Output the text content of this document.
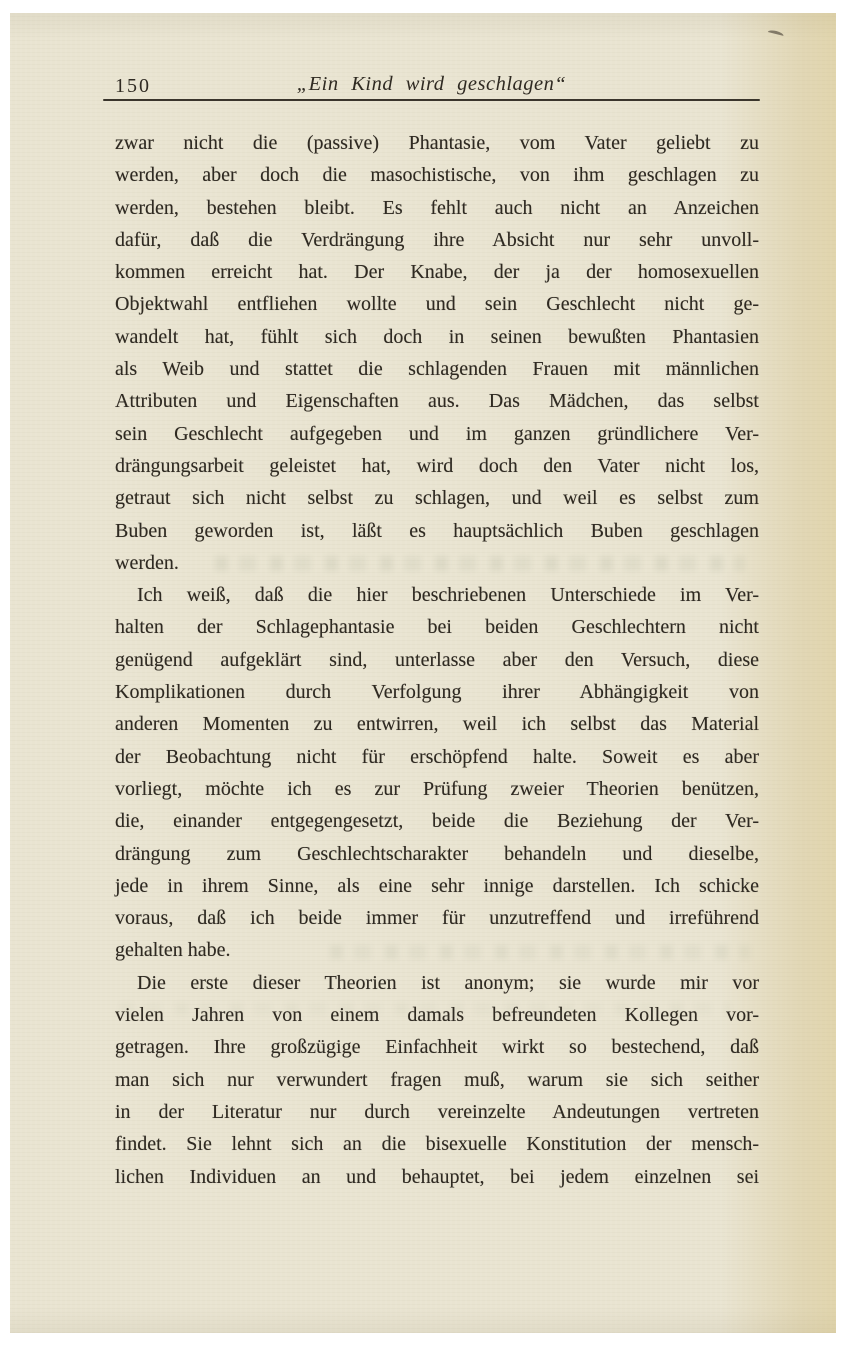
150	„Ein Kind wird geschlagen“
zwar nicht die (passive) Phantasie, vom Vater geliebt zu
werden, aber doch die masochistische, von ihm geschlagen zu
werden, bestehen bleibt. Es fehlt auch nicht an Anzeichen
dafür, daß die Verdrängung ihre Absicht nur sehr unvoll-
kommen erreicht hat. Der Knabe, der ja der homosexuellen
Objektwahl entfliehen wollte und sein Geschlecht nicht ge-
wandelt hat, fühlt sich doch in seinen bewußten Phantasien
als Weib und stattet die schlagenden Frauen mit männlichen
Attributen und Eigenschaften aus. Das Mädchen, das selbst
sein Geschlecht aufgegeben und im ganzen gründlichere Ver-
drängungsarbeit geleistet hat, wird doch den Vater nicht los,
getraut sich nicht selbst zu schlagen, und weil es selbst zum
Buben geworden ist, läßt es hauptsächlich Buben geschlagen
werden.
Ich weiß, daß die hier beschriebenen Unterschiede im Ver-
halten der Schlagephantasie bei beiden Geschlechtern nicht
genügend aufgeklärt sind, unterlasse aber den Versuch, diese
Komplikationen durch Verfolgung ihrer Abhängigkeit von
anderen Momenten zu entwirren, weil ich selbst das Material
der Beobachtung nicht für erschöpfend halte. Soweit es aber
vorliegt, möchte ich es zur Prüfung zweier Theorien benützen,
die, einander entgegengesetzt, beide die Beziehung der Ver-
drängung zum Geschlechtscharakter behandeln und dieselbe,
jede in ihrem Sinne, als eine sehr innige darstellen. Ich schicke
voraus, daß ich beide immer für unzutreffend und irreführend
gehalten habe.
Die erste dieser Theorien ist anonym; sie wurde mir vor
vielen Jahren von einem damals befreundeten Kollegen vor-
getragen. Ihre großzügige Einfachheit wirkt so bestechend, daß
man sich nur verwundert fragen muß, warum sie sich seither
in der Literatur nur durch vereinzelte Andeutungen vertreten
findet. Sie lehnt sich an die bisexuelle Konstitution der mensch-
lichen Individuen an und behauptet, bei jedem einzelnen sei
